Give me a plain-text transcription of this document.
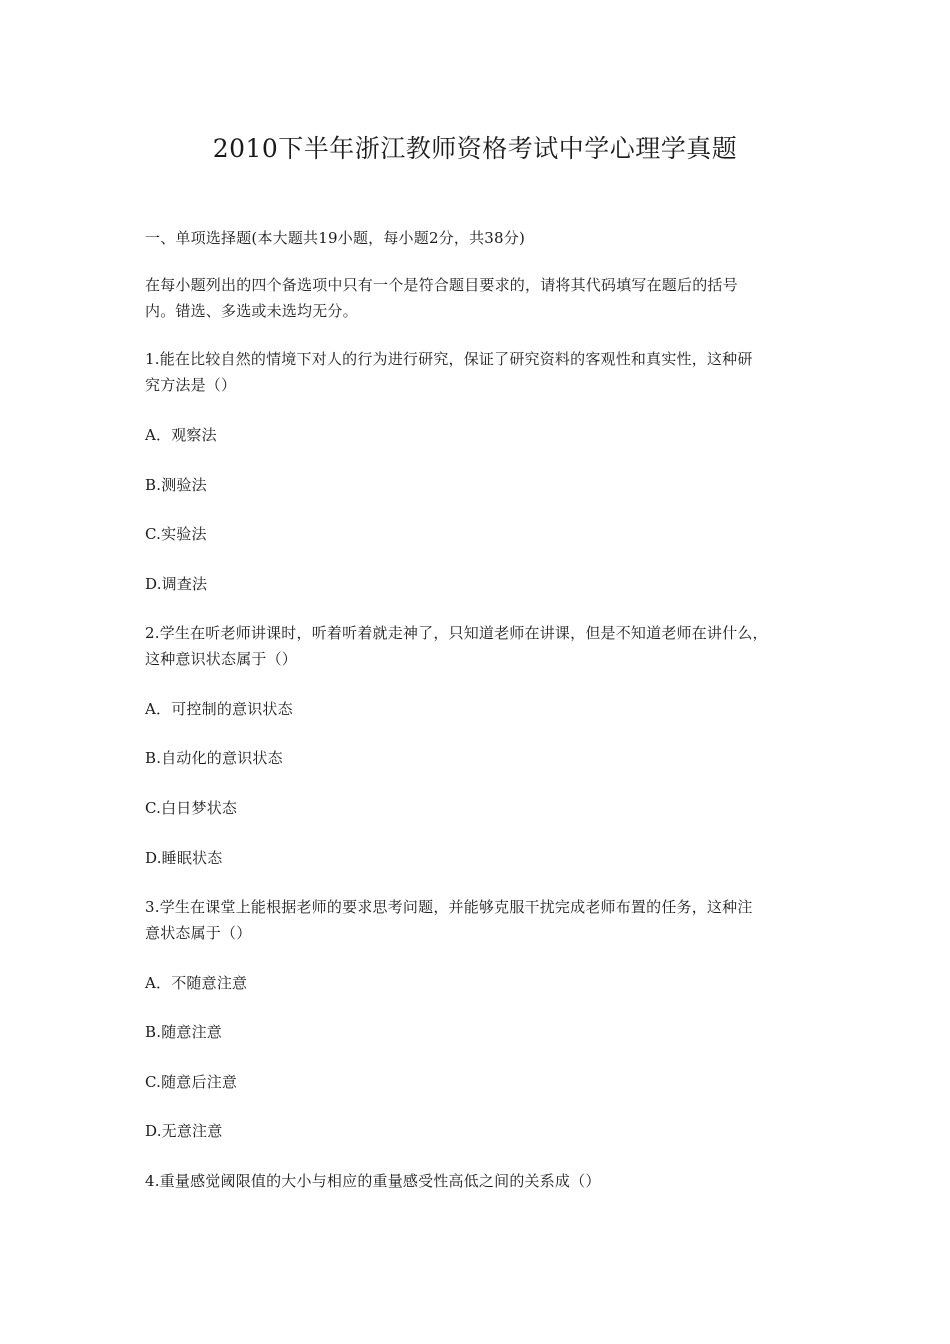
2010下半年浙江教师资格考试中学心理学真题
一、单项选择题(本大题共19小题，每小题2分，共38分)
在每小题列出的四个备选项中只有一个是符合题目要求的，请将其代码填写在题后的括号
内。错选、多选或未选均无分。
1.能在比较自然的情境下对人的行为进行研究，保证了研究资料的客观性和真实性，这种研
究方法是（）
A．观察法
B.测验法
C.实验法
D.调查法
2.学生在听老师讲课时，听着听着就走神了，只知道老师在讲课，但是不知道老师在讲什么，
这种意识状态属于（）
A．可控制的意识状态
B.自动化的意识状态
C.白日梦状态
D.睡眠状态
3.学生在课堂上能根据老师的要求思考问题，并能够克服干扰完成老师布置的任务，这种注
意状态属于（）
A．不随意注意
B.随意注意
C.随意后注意
D.无意注意
4.重量感觉阈限值的大小与相应的重量感受性高低之间的关系成（）
